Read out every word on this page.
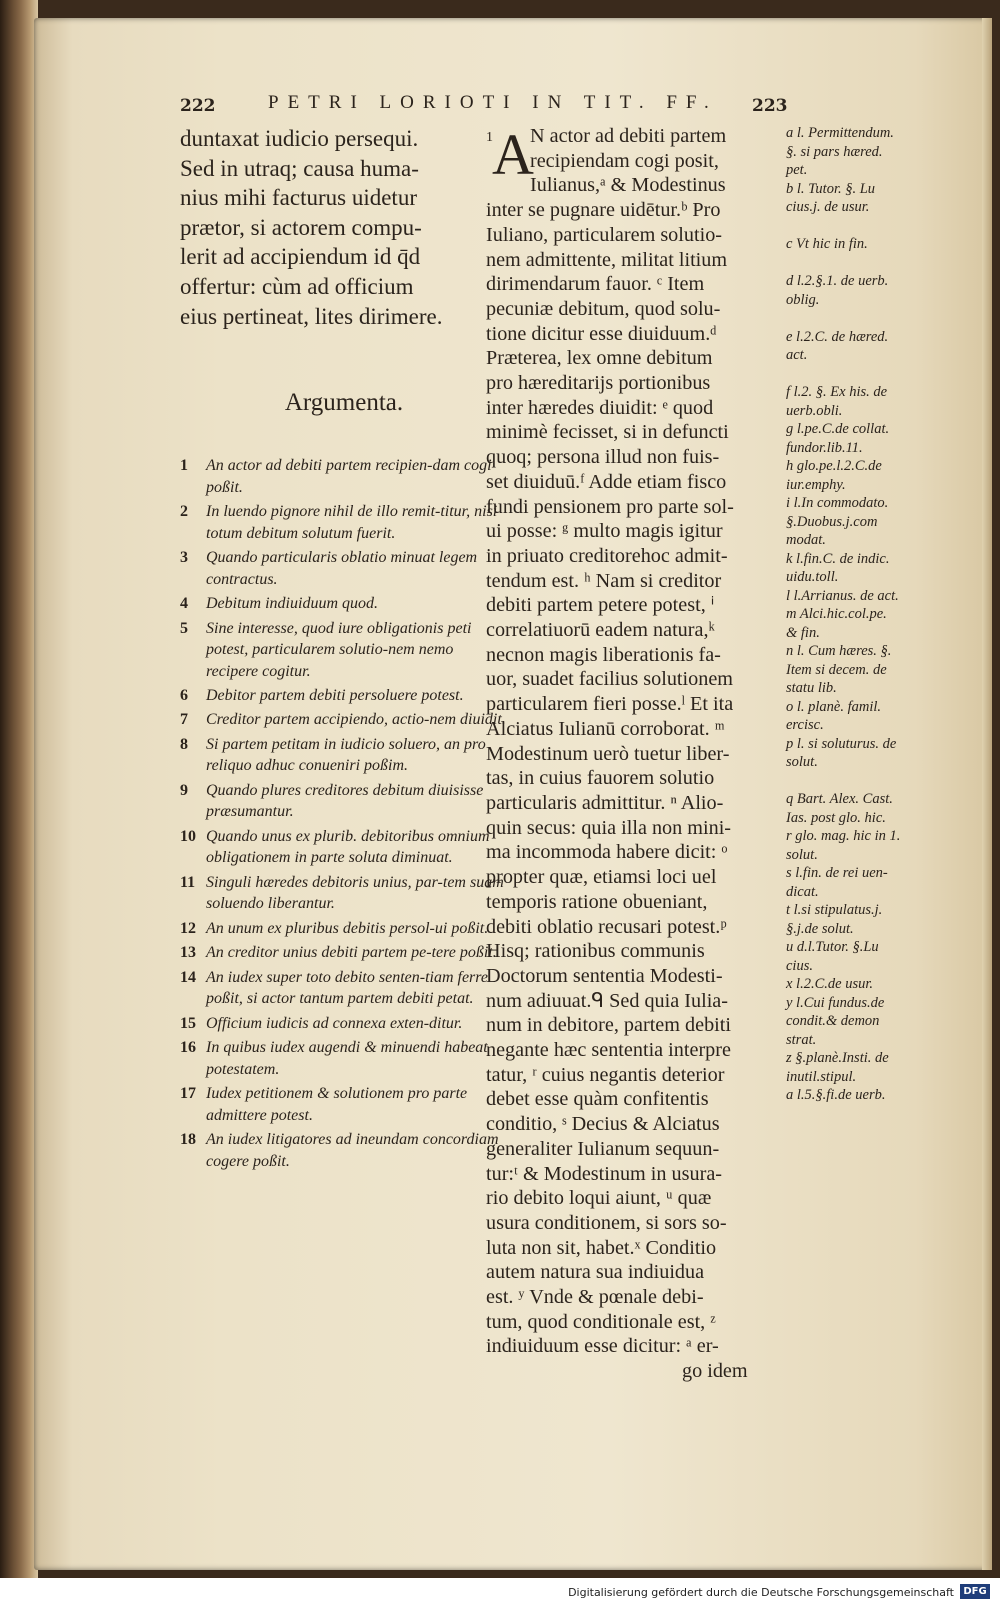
222	PETRI LORIOTI IN TIT. FF. 223

duntaxat iudicio persequi.

Sed in utraq; causa huma-

nius mihi facturus uidetur

prætor, si actorem compu-

lerit ad accipiendum id q̄d

offertur: cùm ad officium

eius pertineat, lites dirimere.

Argumenta.
1	An actor ad debiti partem recipien-dam cogi poßit.
2	In luendo pignore nihil de illo remit-titur, nisi totum debitum solutum fuerit.
3	Quando particularis oblatio minuat legem contractus.
4	Debitum indiuiduum quod.
5	Sine interesse, quod iure obligationis peti potest, particularem solutio-nem nemo recipere cogitur.
6	Debitor partem debiti persoluere potest.
7	Creditor partem accipiendo, actio-nem diuidit.
8	Si partem petitam in iudicio soluero, an pro reliquo adhuc conueniri poßim.
9	Quando plures creditores debitum diuisisse præsumantur.
10 Quando unus ex plurib. debitoribus omnium obligationem in parte soluta diminuat.
11 Singuli hæredes debitoris unius, par-tem suam soluendo liberantur.
12 An unum ex pluribus debitis persol-ui poßit.
13 An creditor unius debiti partem pe-tere poßit.
14 An iudex super toto debito senten-tiam ferre poßit, si actor tantum partem debiti petat.
15 Officium iudicis ad connexa exten-ditur.
16 In quibus iudex augendi & minuendi habeat potestatem.
17 Iudex petitionem & solutionem pro parte admittere potest.
18 An iudex litigatores ad ineundam concordiam cogere poßit.
1 A

N actor ad debiti partem

recipiendam cogi posit,

Iulianus,ᵃ & Modestinus

inter se pugnare uidētur.ᵇ Pro

Iuliano, particularem solutio-

nem admittente, militat litium

dirimendarum fauor. ᶜ Item

pecuniæ debitum, quod solu-

tione dicitur esse diuiduum.ᵈ

Præterea, lex omne debitum

pro hæreditarijs portionibus

inter hæredes diuidit: ᵉ quod

minimè fecisset, si in defuncti

quoq; persona illud non fuis-

set diuiduū.ᶠ Adde etiam fisco

fundi pensionem pro parte sol-

ui posse: ᵍ multo magis igitur

in priuato creditorehoc admit-

tendum est. ʰ Nam si creditor

debiti partem petere potest, ⁱ

correlatiuorū eadem natura,ᵏ

necnon magis liberationis fa-

uor, suadet facilius solutionem

particularem fieri posse.ˡ Et ita

Alciatus Iulianū corroborat. ᵐ

Modestinum uerò tuetur liber-

tas, in cuius fauorem solutio

particularis admittitur. ⁿ Alio-

quin secus: quia illa non mini-

ma incommoda habere dicit: ᵒ

propter quæ, etiamsi loci uel

temporis ratione obueniant,

debiti oblatio recusari potest.ᵖ

Hisq; rationibus communis

Doctorum sententia Modesti-

num adiuuat.ᑫ Sed quia Iulia-

num in debitore, partem debiti

negante hæc sententia interpre

tatur, ʳ cuius negantis deterior

debet esse quàm confitentis

conditio, ˢ Decius & Alciatus

generaliter Iulianum sequun-

tur:ᵗ & Modestinum in usura-

rio debito loqui aiunt, ᵘ quæ

usura conditionem, si sors so-

luta non sit, habet.ˣ Conditio

autem natura sua indiuidua

est. ʸ Vnde & pœnale debi-

tum, quod conditionale est, ᶻ

indiuiduum esse dicitur: ᵃ er-

go idem

a l. Permittendum.
§. si pars hæred.
pet.
b l. Tutor. §. Lu
cius.j. de usur.

c Vt hic in fin.

d l.2.§.1. de uerb.
oblig.

e l.2.C. de hæred.
act.

f l.2. §. Ex his. de
uerb.obli.
g l.pe.C.de collat.
fundor.lib.11.
h glo.pe.l.2.C.de
iur.emphy.
i l.In commodato.
§.Duobus.j.com
modat.
k l.fin.C. de indic.
uidu.toll.
l l.Arrianus. de act.
m Alci.hic.col.pe.
& fin.
n l. Cum hæres. §.
Item si decem. de
statu lib.
o l. planè. famil.
ercisc.
p l. si soluturus. de
solut.

q Bart. Alex. Cast.
Ias. post glo. hic.
r glo. mag. hic in 1.
solut.
s l.fin. de rei uen-
dicat.
t l.si stipulatus.j.
§.j.de solut.
u d.l.Tutor. §.Lu
cius.
x l.2.C.de usur.
y l.Cui fundus.de
condit.& demon
strat.
z §.planè.Insti. de
inutil.stipul.
a l.5.§.fi.de uerb.
Digitalisierung gefördert durch die Deutsche Forschungsgemeinschaft DFG
